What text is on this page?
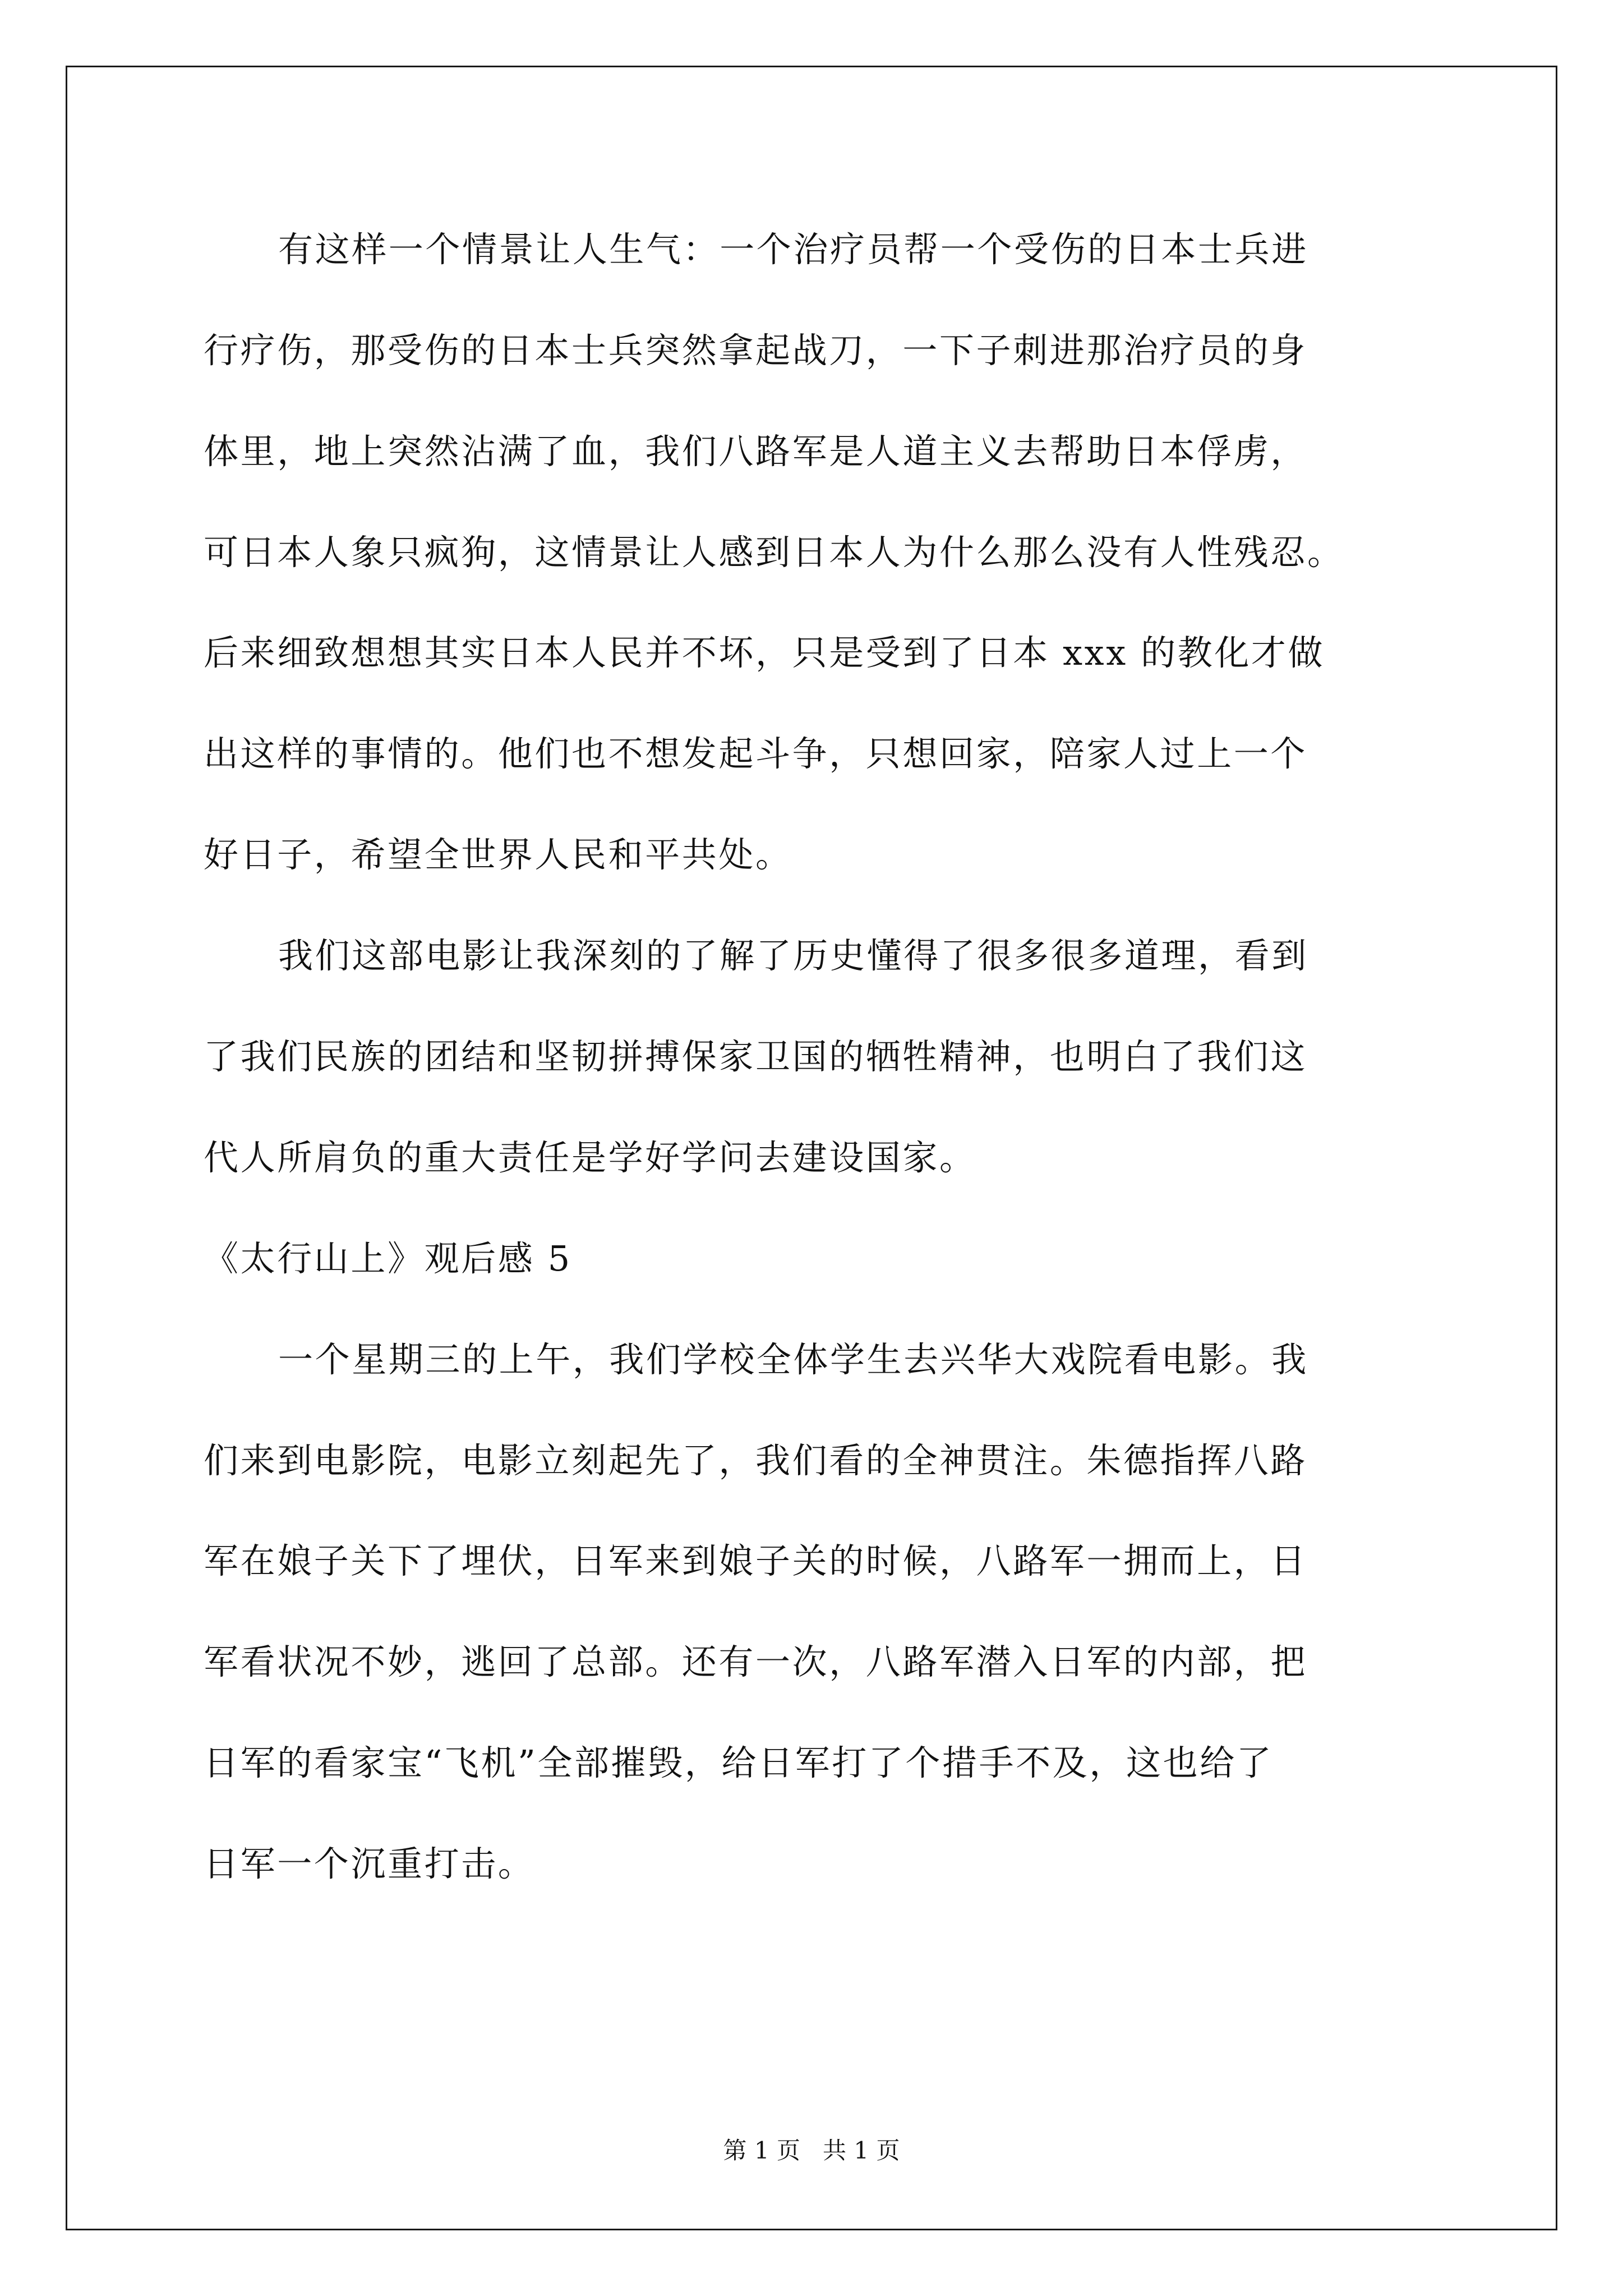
有这样一个情景让人生气：一个治疗员帮一个受伤的日本士兵进

行疗伤，那受伤的日本士兵突然拿起战刀，一下子刺进那治疗员的身

体里，地上突然沾满了血，我们八路军是人道主义去帮助日本俘虏，

可日本人象只疯狗，这情景让人感到日本人为什么那么没有人性残忍。

后来细致想想其实日本人民并不坏，只是受到了日本 xxx 的教化才做

出这样的事情的。他们也不想发起斗争，只想回家，陪家人过上一个

好日子，希望全世界人民和平共处。

我们这部电影让我深刻的了解了历史懂得了很多很多道理，看到

了我们民族的团结和坚韧拼搏保家卫国的牺牲精神，也明白了我们这

代人所肩负的重大责任是学好学问去建设国家。

《太行山上》观后感 5

一个星期三的上午，我们学校全体学生去兴华大戏院看电影。我

们来到电影院，电影立刻起先了，我们看的全神贯注。朱德指挥八路

军在娘子关下了埋伏，日军来到娘子关的时候，八路军一拥而上，日

军看状况不妙，逃回了总部。还有一次，八路军潜入日军的内部，把

日军的看家宝“飞机”全部摧毁，给日军打了个措手不及，这也给了

日军一个沉重打击。

第 1 页   共 1 页
